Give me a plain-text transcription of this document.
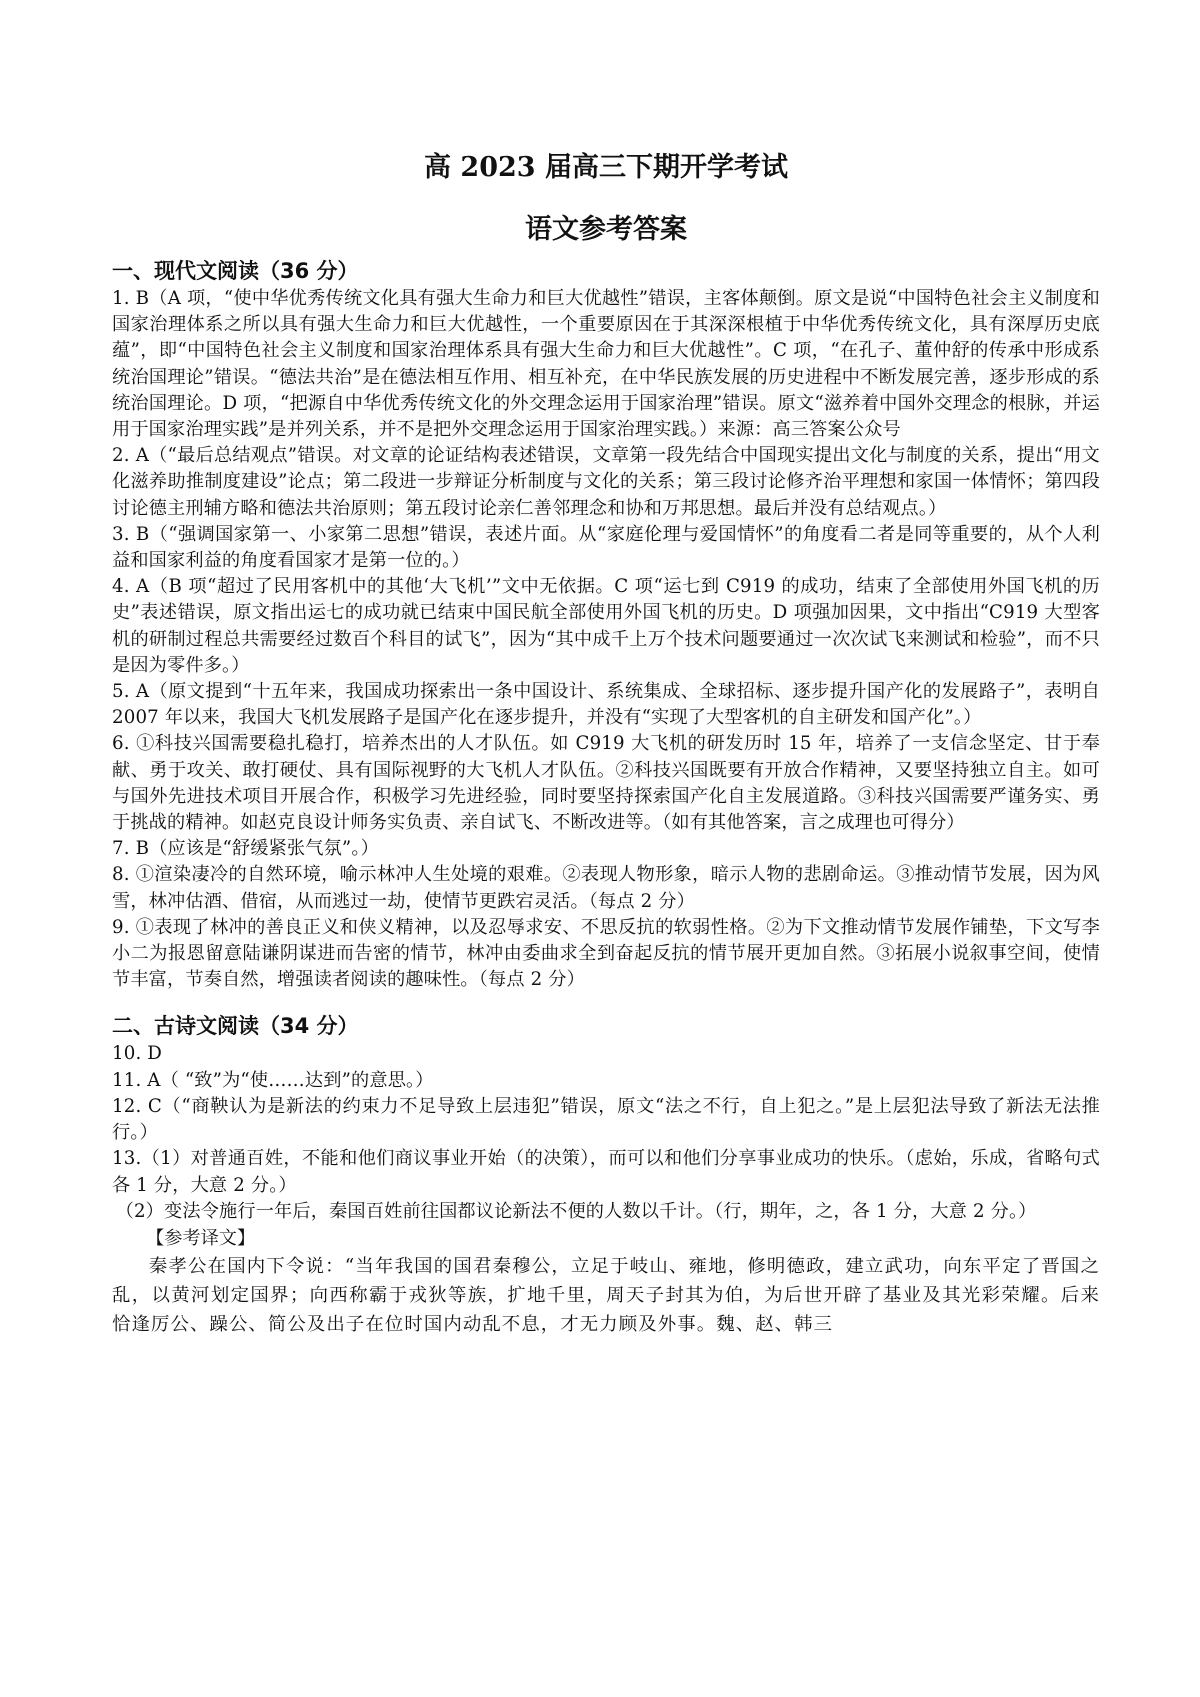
高 2023 届高三下期开学考试
语文参考答案
一、现代文阅读（36 分）

1. B（A 项，“使中华优秀传统文化具有强大生命力和巨大优越性”错误，主客体颠倒。原文是说“中国特色社会主义制度和国家治理体系之所以具有强大生命力和巨大优越性，一个重要原因在于其深深根植于中华优秀传统文化，具有深厚历史底蕴”，即“中国特色社会主义制度和国家治理体系具有强大生命力和巨大优越性”。C 项，“在孔子、董仲舒的传承中形成系统治国理论”错误。“德法共治”是在德法相互作用、相互补充，在中华民族发展的历史进程中不断发展完善，逐步形成的系统治国理论。D 项，“把源自中华优秀传统文化的外交理念运用于国家治理”错误。原文“滋养着中国外交理念的根脉，并运用于国家治理实践”是并列关系，并不是把外交理念运用于国家治理实践。）来源：高三答案公众号

2. A（“最后总结观点”错误。对文章的论证结构表述错误，文章第一段先结合中国现实提出文化与制度的关系，提出“用文化滋养助推制度建设”论点；第二段进一步辩证分析制度与文化的关系；第三段讨论修齐治平理想和家国一体情怀；第四段讨论德主刑辅方略和德法共治原则；第五段讨论亲仁善邻理念和协和万邦思想。最后并没有总结观点。）

3. B（“强调国家第一、小家第二思想”错误，表述片面。从“家庭伦理与爱国情怀”的角度看二者是同等重要的，从个人利益和国家利益的角度看国家才是第一位的。）

4. A（B 项“超过了民用客机中的其他‘大飞机’”文中无依据。C 项“运七到 C919 的成功，结束了全部使用外国飞机的历史”表述错误，原文指出运七的成功就已结束中国民航全部使用外国飞机的历史。D 项强加因果，文中指出“C919 大型客机的研制过程总共需要经过数百个科目的试飞”，因为“其中成千上万个技术问题要通过一次次试飞来测试和检验”，而不只是因为零件多。）

5. A（原文提到“十五年来，我国成功探索出一条中国设计、系统集成、全球招标、逐步提升国产化的发展路子”，表明自 2007 年以来，我国大飞机发展路子是国产化在逐步提升，并没有“实现了大型客机的自主研发和国产化”。）

6. ①科技兴国需要稳扎稳打，培养杰出的人才队伍。如 C919 大飞机的研发历时 15 年，培养了一支信念坚定、甘于奉献、勇于攻关、敢打硬仗、具有国际视野的大飞机人才队伍。②科技兴国既要有开放合作精神，又要坚持独立自主。如可与国外先进技术项目开展合作，积极学习先进经验，同时要坚持探索国产化自主发展道路。③科技兴国需要严谨务实、勇于挑战的精神。如赵克良设计师务实负责、亲自试飞、不断改进等。（如有其他答案，言之成理也可得分）

7. B（应该是“舒缓紧张气氛”。）

8. ①渲染凄冷的自然环境，喻示林冲人生处境的艰难。②表现人物形象，暗示人物的悲剧命运。③推动情节发展，因为风雪，林冲估酒、借宿，从而逃过一劫，使情节更跌宕灵活。（每点 2 分）

9. ①表现了林冲的善良正义和侠义精神，以及忍辱求安、不思反抗的软弱性格。②为下文推动情节发展作铺垫，下文写李小二为报恩留意陆谦阴谋进而告密的情节，林冲由委曲求全到奋起反抗的情节展开更加自然。③拓展小说叙事空间，使情节丰富，节奏自然，增强读者阅读的趣味性。（每点 2 分）

二、古诗文阅读（34 分）

10. D

11. A（ “致”为“使……达到”的意思。）

12. C（“商鞅认为是新法的约束力不足导致上层违犯”错误，原文“法之不行，自上犯之。”是上层犯法导致了新法无法推行。）

13.（1）对普通百姓，不能和他们商议事业开始（的决策），而可以和他们分享事业成功的快乐。（虑始，乐成，省略句式各 1 分，大意 2 分。）

（2）变法令施行一年后，秦国百姓前往国都议论新法不便的人数以千计。（行，期年，之，各 1 分，大意 2 分。）

【参考译文】

秦孝公在国内下令说：“当年我国的国君秦穆公，立足于岐山、雍地，修明德政，建立武功，向东平定了晋国之乱，以黄河划定国界；向西称霸于戎狄等族，扩地千里，周天子封其为伯，为后世开辟了基业及其光彩荣耀。后来恰逢厉公、躁公、简公及出子在位时国内动乱不息，才无力顾及外事。魏、赵、韩三
